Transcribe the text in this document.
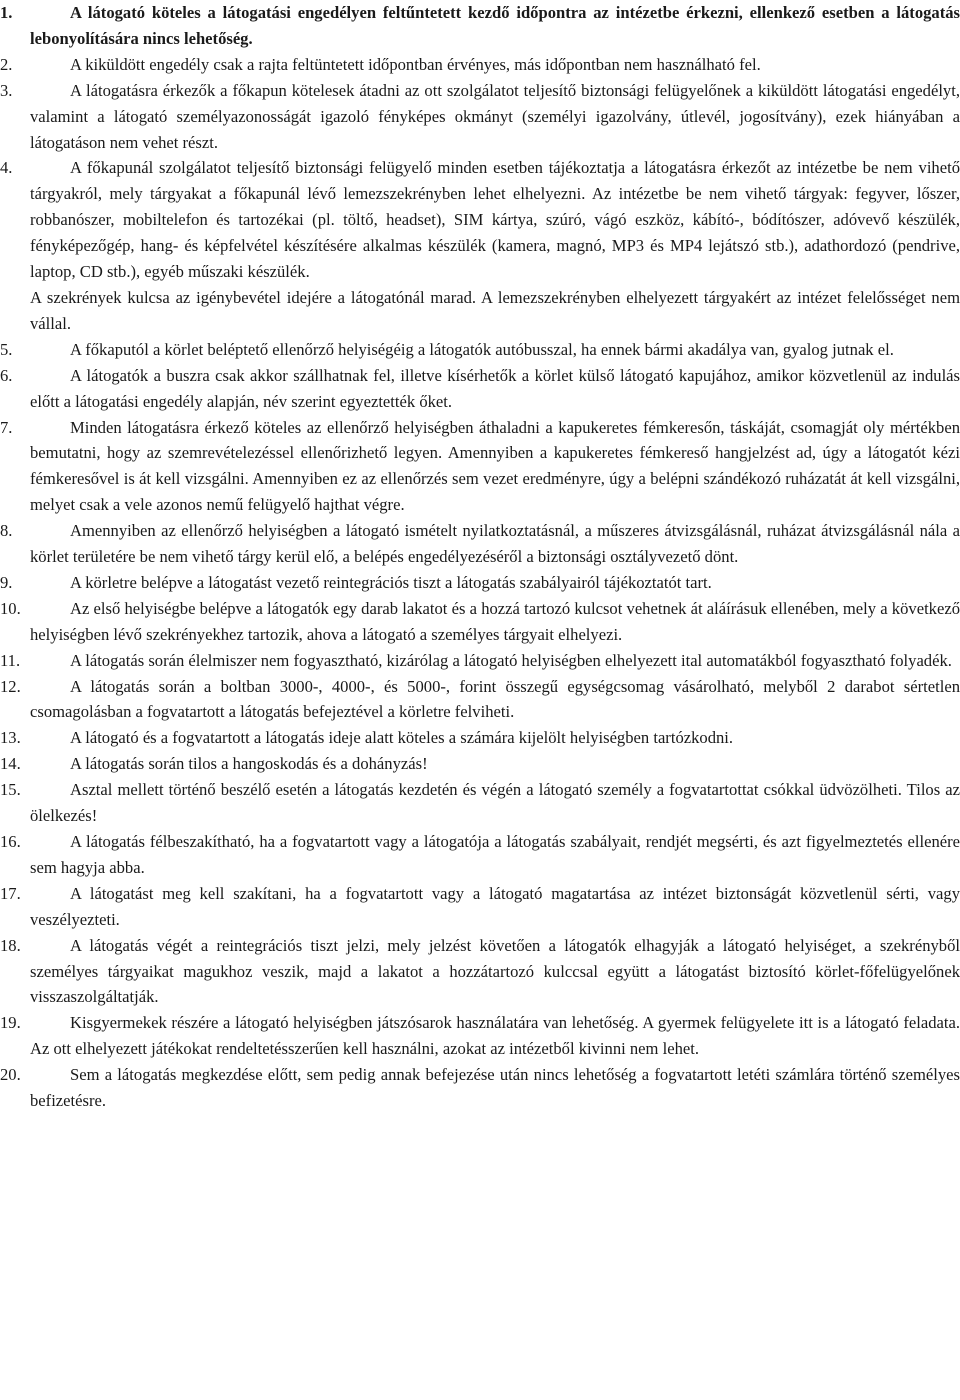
1.	A látogató köteles a látogatási engedélyen feltűntetett kezdő időpontra az intézetbe érkezni, ellenkező esetben a látogatás lebonyolítására nincs lehetőség.
2.	A kiküldött engedély csak a rajta feltüntetett időpontban érvényes, más időpontban nem használható fel.
3.	A látogatásra érkezők a főkapun kötelesek átadni az ott szolgálatot teljesítő biztonsági felügyelőnek a kiküldött látogatási engedélyt, valamint a látogató személyazonosságát igazoló fényképes okmányt (személyi igazolvány, útlevél, jogosítvány), ezek hiányában a látogatáson nem vehet részt.
4.	A főkapunál szolgálatot teljesítő biztonsági felügyelő minden esetben tájékoztatja a látogatásra érkezőt az intézetbe be nem vihető tárgyakról, mely tárgyakat a főkapunál lévő lemezszekrényben lehet elhelyezni. Az intézetbe be nem vihető tárgyak: fegyver, lőszer, robbanószer, mobiltelefon és tartozékai (pl. töltő, headset), SIM kártya, szúró, vágó eszköz, kábító-, bódítószer, adóvevő készülék, fényképezőgép, hang- és képfelvétel készítésére alkalmas készülék (kamera, magnó, MP3 és MP4 lejátszó stb.), adathordozó (pendrive, laptop, CD stb.), egyéb műszaki készülék.
A szekrények kulcsa az igénybevétel idejére a látogatónál marad. A lemezszekrényben elhelyezett tárgyakért az intézet felelősséget nem vállal.
5.	A főkaputól a körlet beléptető ellenőrző helyiségéig a látogatók autóbusszal, ha ennek bármi akadálya van, gyalog jutnak el.
6.	A látogatók a buszra csak akkor szállhatnak fel, illetve kísérhetők a körlet külső látogató kapujához, amikor közvetlenül az indulás előtt a látogatási engedély alapján, név szerint egyeztették őket.
7.	Minden látogatásra érkező köteles az ellenőrző helyiségben áthaladni a kapukeretes fémkeresőn, táskáját, csomagját oly mértékben bemutatni, hogy az szemrevételezéssel ellenőrizhető legyen. Amennyiben a kapukeretes fémkereső hangjelzést ad, úgy a látogatót kézi fémkeresővel is át kell vizsgálni. Amennyiben ez az ellenőrzés sem vezet eredményre, úgy a belépni szándékozó ruházatát át kell vizsgálni, melyet csak a vele azonos nemű felügyelő hajthat végre.
8.	Amennyiben az ellenőrző helyiségben a látogató ismételt nyilatkoztatásnál, a műszeres átvizsgálásnál, ruházat átvizsgálásnál nála a körlet területére be nem vihető tárgy kerül elő, a belépés engedélyezéséről a biztonsági osztályvezető dönt.
9.	A körletre belépve a látogatást vezető reintegrációs tiszt a látogatás szabályairól tájékoztatót tart.
10.	Az első helyiségbe belépve a látogatók egy darab lakatot és a hozzá tartozó kulcsot vehetnek át aláírásuk ellenében, mely a következő helyiségben lévő szekrényekhez tartozik, ahova a látogató a személyes tárgyait elhelyezi.
11.	A látogatás során élelmiszer nem fogyasztható, kizárólag a látogató helyiségben elhelyezett ital automatákból fogyasztható folyadék.
12.	A látogatás során a boltban 3000-, 4000-, és 5000-, forint összegű egységcsomag vásárolható, melyből 2 darabot sértetlen csomagolásban a fogvatartott a látogatás befejeztével a körletre felviheti.
13.	A látogató és a fogvatartott a látogatás ideje alatt köteles a számára kijelölt helyiségben tartózkodni.
14.	A látogatás során tilos a hangoskodás és a dohányzás!
15.	Asztal mellett történő beszélő esetén a látogatás kezdetén és végén a látogató személy a fogvatartottat csókkal üdvözölheti. Tilos az ölelkezés!
16.	A látogatás félbeszakítható, ha a fogvatartott vagy a látogatója a látogatás szabályait, rendjét megsérti, és azt figyelmeztetés ellenére sem hagyja abba.
17.	A látogatást meg kell szakítani, ha a fogvatartott vagy a látogató magatartása az intézet biztonságát közvetlenül sérti, vagy veszélyezteti.
18.	A látogatás végét a reintegrációs tiszt jelzi, mely jelzést követően a látogatók elhagyják a látogató helyiséget, a szekrényből személyes tárgyaikat magukhoz veszik, majd a lakatot a hozzátartozó kulccsal együtt a látogatást biztosító körlet-főfelügyelőnek visszaszolgáltatják.
19.	Kisgyermekek részére a látogató helyiségben játszósarok használatára van lehetőség. A gyermek felügyelete itt is a látogató feladata. Az ott elhelyezett játékokat rendeltetésszerűen kell használni, azokat az intézetből kivinni nem lehet.
20.	Sem a látogatás megkezdése előtt, sem pedig annak befejezése után nincs lehetőség a fogvatartott letéti számlára történő személyes befizetésre.
